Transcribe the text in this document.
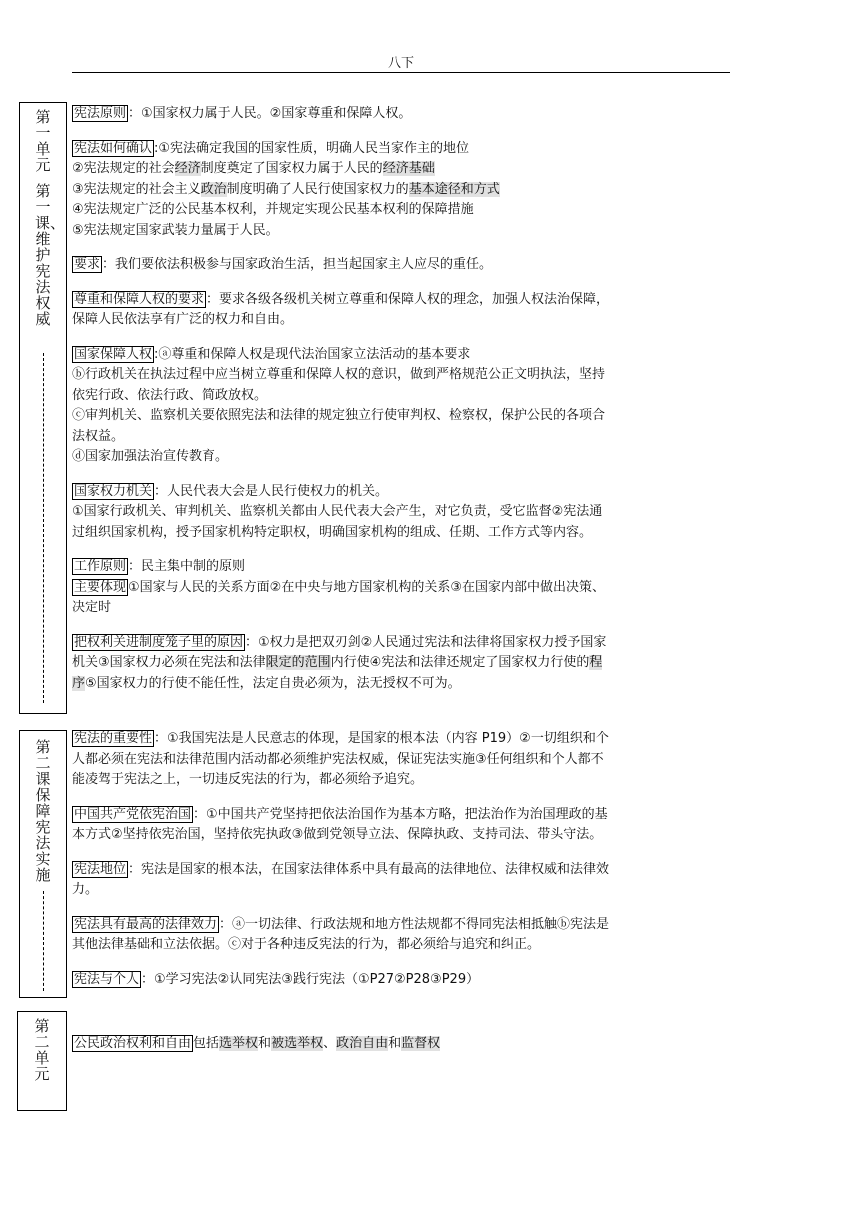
八下
第一单元
第一课、维护宪法权威
第二课 保障宪法实施
第二单元
宪法原则 ：①国家权力属于人民。②国家尊重和保障人权。
宪法如何确认 :①宪法确定我国的国家性质，明确人民当家作主的地位
②宪法规定的社会经济制度奠定了国家权力属于人民的经济基础
③宪法规定的社会主义政治制度明确了人民行使国家权力的基本途径和方式
④宪法规定广泛的公民基本权利，并规定实现公民基本权利的保障措施
⑤宪法规定国家武装力量属于人民。
要求 ：我们要依法积极参与国家政治生活，担当起国家主人应尽的重任。
尊重和保障人权的要求 ：要求各级各级机关树立尊重和保障人权的理念，加强人权法治保障，
保障人民依法享有广泛的权力和自由。
国家保障人权 :ⓐ尊重和保障人权是现代法治国家立法活动的基本要求
ⓑ行政机关在执法过程中应当树立尊重和保障人权的意识，做到严格规范公正文明执法，坚持
依宪行政、依法行政、简政放权。
ⓒ审判机关、监察机关要依照宪法和法律的规定独立行使审判权、检察权，保护公民的各项合
法权益。
ⓓ国家加强法治宣传教育。
国家权力机关 ：人民代表大会是人民行使权力的机关。
①国家行政机关、审判机关、监察机关都由人民代表大会产生，对它负责，受它监督②宪法通
过组织国家机构，授予国家机构特定职权，明确国家机构的组成、任期、工作方式等内容。
工作原则 ：民主集中制的原则
主要体现 ①国家与人民的关系方面②在中央与地方国家机构的关系③在国家内部中做出决策、
决定时
把权利关进制度笼子里的原因 ：①权力是把双刃剑②人民通过宪法和法律将国家权力授予国家
机关③国家权力必须在宪法和法律限定的范围内行使④宪法和法律还规定了国家权力行使的程
序⑤国家权力的行使不能任性，法定自贵必须为，法无授权不可为。
宪法的重要性 ：①我国宪法是人民意志的体现，是国家的根本法（内容 P19）②一切组织和个
人都必须在宪法和法律范围内活动都必须维护宪法权威，保证宪法实施③任何组织和个人都不
能凌驾于宪法之上，一切违反宪法的行为，都必须给予追究。
中国共产党依宪治国 ：①中国共产党坚持把依法治国作为基本方略，把法治作为治国理政的基
本方式②坚持依宪治国，坚持依宪执政③做到党领导立法、保障执政、支持司法、带头守法。
宪法地位 ：宪法是国家的根本法，在国家法律体系中具有最高的法律地位、法律权威和法律效
力。
宪法具有最高的法律效力 ：ⓐ一切法律、行政法规和地方性法规都不得同宪法相抵触ⓑ宪法是
其他法律基础和立法依据。ⓒ对于各种违反宪法的行为，都必须给与追究和纠正。
宪法与个人 ：①学习宪法②认同宪法③践行宪法（①P27②P28③P29）
公民政治权利和自由 包括选举权和被选举权、政治自由和监督权
